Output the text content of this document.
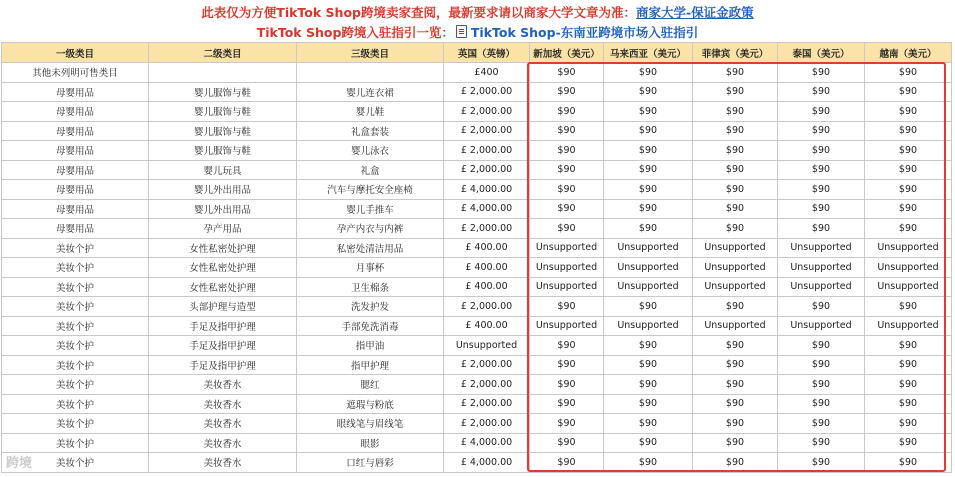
此表仅为方便TikTok Shop跨境卖家查阅，最新要求请以商家大学文章为准：商家大学-保证金政策
TikTok Shop跨境入驻指引一览： TikTok Shop-东南亚跨境市场入驻指引
一级类目	二级类目	三级类目	英国（英镑）	新加坡（美元）	马来西亚（美元）	菲律宾（美元）	泰国（美元）	越南（美元）
其他未列明可售类目			£400	$90	$90	$90	$90	$90
母婴用品	婴儿服饰与鞋	婴儿连衣裙	£ 2,000.00	$90	$90	$90	$90	$90
母婴用品	婴儿服饰与鞋	婴儿鞋	£ 2,000.00	$90	$90	$90	$90	$90
母婴用品	婴儿服饰与鞋	礼盒套装	£ 2,000.00	$90	$90	$90	$90	$90
母婴用品	婴儿服饰与鞋	婴儿泳衣	£ 2,000.00	$90	$90	$90	$90	$90
母婴用品	婴儿玩具	礼盒	£ 2,000.00	$90	$90	$90	$90	$90
母婴用品	婴儿外出用品	汽车与摩托安全座椅	£ 4,000.00	$90	$90	$90	$90	$90
母婴用品	婴儿外出用品	婴儿手推车	£ 4,000.00	$90	$90	$90	$90	$90
母婴用品	孕产用品	孕产内衣与内裤	£ 2,000.00	$90	$90	$90	$90	$90
美妆个护	女性私密处护理	私密处清洁用品	£ 400.00	Unsupported	Unsupported	Unsupported	Unsupported	Unsupported
美妆个护	女性私密处护理	月事杯	£ 400.00	Unsupported	Unsupported	Unsupported	Unsupported	Unsupported
美妆个护	女性私密处护理	卫生棉条	£ 400.00	Unsupported	Unsupported	Unsupported	Unsupported	Unsupported
美妆个护	头部护理与造型	洗发护发	£ 2,000.00	$90	$90	$90	$90	$90
美妆个护	手足及指甲护理	手部免洗消毒	£ 400.00	Unsupported	Unsupported	Unsupported	Unsupported	Unsupported
美妆个护	手足及指甲护理	指甲油	Unsupported	$90	$90	$90	$90	$90
美妆个护	手足及指甲护理	指甲护理	£ 2,000.00	$90	$90	$90	$90	$90
美妆个护	美妆香水	腮红	£ 2,000.00	$90	$90	$90	$90	$90
美妆个护	美妆香水	遮瑕与粉底	£ 2,000.00	$90	$90	$90	$90	$90
美妆个护	美妆香水	眼线笔与眉线笔	£ 2,000.00	$90	$90	$90	$90	$90
美妆个护	美妆香水	眼影	£ 4,000.00	$90	$90	$90	$90	$90
美妆个护	美妆香水	口红与唇彩	£ 4,000.00	$90	$90	$90	$90	$90
跨境
